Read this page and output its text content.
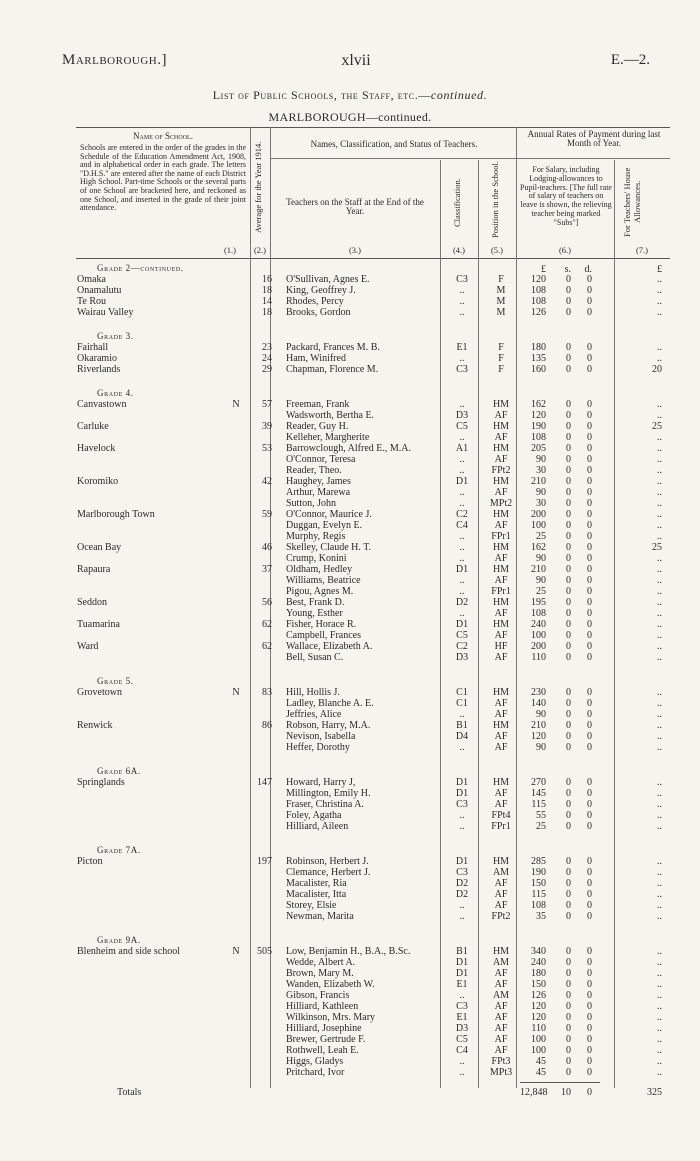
Marlborough.]	xlvii	E.—2.
List of Public Schools, the Staff, etc.—continued.
MARLBOROUGH—continued.
Name of School.
Schools are entered in the order of the grades in the Schedule of the Education Amendment Act, 1908, and in alphabetical order in each grade. The letters "D.H.S." are entered after the name of each District High School. Part-time Schools or the several parts of one School are bracketed here, and reckoned as one School, and inserted in the grade of their joint attendance.
(1.)
Average for the Year 1914.
(2.)
Names, Classification, and Status of Teachers.
Teachers on the Staff at the End of the Year.
(3.)
Classification.
(4.)
Position in the School.
(5.)
Annual Rates of Payment during last Month of Year.
For Salary, including Lodging-allowances to Pupil-teachers. [The full rate of salary of teachers on leave is shown, the relieving teacher being marked "Subs"]
(6.)
For Teachers' House Allowances.
(7.)
£	s.	d.	£
Grade 2—continued.
Omaka	16 O'Sullivan, Agnes E.	C3	F	120	0	0	..
Onamalutu	18 King, Geoffrey J.	..	M	108	0	0	..
Te Rou	14 Rhodes, Percy	..	M	108	0	0	..
Wairau Valley	18 Brooks, Gordon	..	M	126	0	0	..
Grade 3.
Fairhall	23 Packard, Frances M. B.	E1	F	180	0	0	..
Okaramio	24 Ham, Winifred	..	F	135	0	0	..
Riverlands	29 Chapman, Florence M.	C3	F	160	0	0	20
Grade 4.
Canvastown	N	57 Freeman, Frank	..	HM	162	0	0	..
Wadsworth, Bertha E.	D3	AF	120	0	0	..
Carluke	39 Reader, Guy H.	C5	HM	190	0	0	25
Kelleher, Margherite	..	AF	108	0	0	..
Havelock	53 Barrowclough, Alfred E., M.A.	A1	HM	205	0	0	..
O'Connor, Teresa	..	AF	90	0	0	..
Reader, Theo.	..	FPt2	30	0	0	..
Koromiko	42 Haughey, James	D1	HM	210	0	0	..
Arthur, Marewa	..	AF	90	0	0	..
Sutton, John	..	MPt2	30	0	0	..
Marlborough Town	59 O'Connor, Maurice J.	C2	HM	200	0	0	..
Duggan, Evelyn E.	C4	AF	100	0	0	..
Murphy, Regis	..	FPr1	25	0	0	..
Ocean Bay	46 Skelley, Claude H. T.	..	HM	162	0	0	25
Crump, Konini	..	AF	90	0	0	..
Rapaura	37 Oldham, Hedley	D1	HM	210	0	0	..
Williams, Beatrice	..	AF	90	0	0	..
Pigou, Agnes M.	..	FPr1	25	0	0	..
Seddon	56 Best, Frank D.	D2	HM	195	0	0	..
Young, Esther	..	AF	108	0	0	..
Tuamarina	62 Fisher, Horace R.	D1	HM	240	0	0	..
Campbell, Frances	C5	AF	100	0	0	..
Ward	62 Wallace, Elizabeth A.	C2	HF	200	0	0	..
Bell, Susan C.	D3	AF	110	0	0	..
Grade 5.
Grovetown	N	83 Hill, Hollis J.	C1	HM	230	0	0	..
Ladley, Blanche A. E.	C1	AF	140	0	0	..
Jeffries, Alice	..	AF	90	0	0	..
Renwick	86 Robson, Harry, M.A.	B1	HM	210	0	0	..
Nevison, Isabella	D4	AF	120	0	0	..
Heffer, Dorothy	..	AF	90	0	0	..
Grade 6A.
Springlands	147 Howard, Harry J,	D1	HM	270	0	0	..
Millington, Emily H.	D1	AF	145	0	0	..
Fraser, Christina A.	C3	AF	115	0	0	..
Foley, Agatha	..	FPt4	55	0	0	..
Hilliard, Aileen	..	FPr1	25	0	0	..
Grade 7A.
Picton	197 Robinson, Herbert J.	D1	HM	285	0	0	..
Clemance, Herbert J.	C3	AM	190	0	0	..
Macalister, Ria	D2	AF	150	0	0	..
Macalister, Itta	D2	AF	115	0	0	..
Storey, Elsie	..	AF	108	0	0	..
Newman, Marita	..	FPt2	35	0	0	..
Grade 9A.
Blenheim and side school	N	505 Low, Benjamin H., B.A., B.Sc.	B1	HM	340	0	0	..
Wedde, Albert A.	D1	AM	240	0	0	..
Brown, Mary M.	D1	AF	180	0	0	..
Wanden, Elizabeth W.	E1	AF	150	0	0	..
Gibson, Francis	..	AM	126	0	0	..
Hilliard, Kathleen	C3	AF	120	0	0	..
Wilkinson, Mrs. Mary	E1	AF	120	0	0	..
Hilliard, Josephine	D3	AF	110	0	0	..
Brewer, Gertrude F.	C5	AF	100	0	0	..
Rothwell, Leah E.	C4	AF	100	0	0	..
Higgs, Gladys	..	FPt3	45	0	0	..
Pritchard, Ivor	..	MPt3	45	0	0	..
Totals	12,848	10	0	325
